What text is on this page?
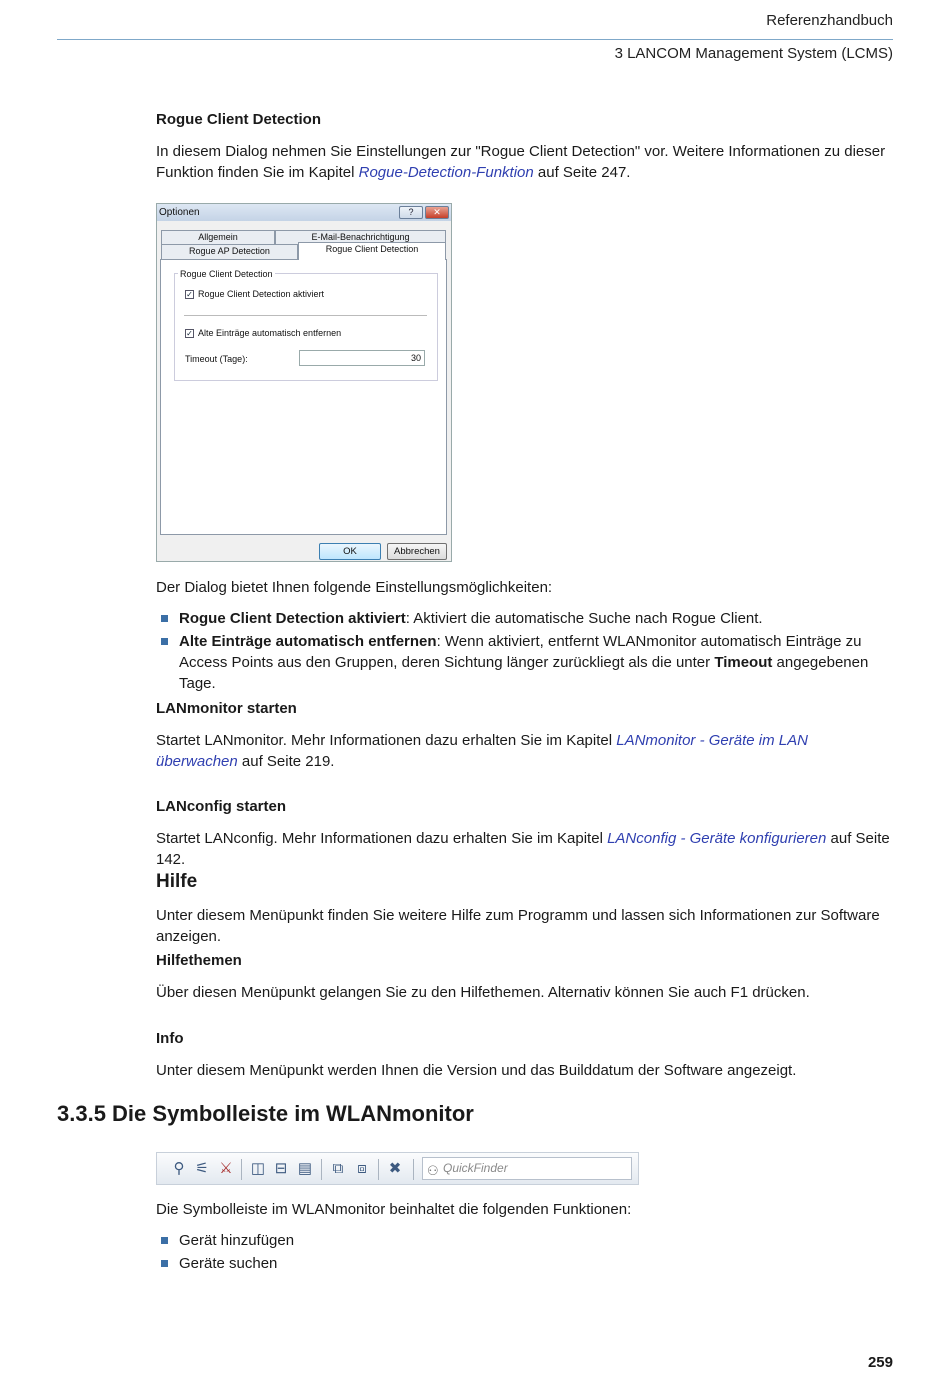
Referenzhandbuch
3 LANCOM Management System (LCMS)
Rogue Client Detection
In diesem Dialog nehmen Sie Einstellungen zur "Rogue Client Detection" vor. Weitere Informationen zu dieser Funktion finden Sie im Kapitel Rogue-Detection-Funktion auf Seite 247.
Optionen	?	✕
Allgemein	E-Mail-Benachrichtigung
Rogue AP Detection	Rogue Client Detection
Rogue Client Detection
✓ Rogue Client Detection aktiviert
✓ Alte Einträge automatisch entfernen
Timeout (Tage):	30
OK	Abbrechen
Der Dialog bietet Ihnen folgende Einstellungsmöglichkeiten:
Rogue Client Detection aktiviert: Aktiviert die automatische Suche nach Rogue Client.
Alte Einträge automatisch entfernen: Wenn aktiviert, entfernt WLANmonitor automatisch Einträge zu Access Points aus den Gruppen, deren Sichtung länger zurückliegt als die unter Timeout angegebenen Tage.
LANmonitor starten
Startet LANmonitor. Mehr Informationen dazu erhalten Sie im Kapitel LANmonitor - Geräte im LAN überwachen auf Seite 219.
LANconfig starten
Startet LANconfig. Mehr Informationen dazu erhalten Sie im Kapitel LANconfig - Geräte konfigurieren auf Seite 142.
Hilfe
Unter diesem Menüpunkt finden Sie weitere Hilfe zum Programm und lassen sich Informationen zur Software anzeigen.
Hilfethemen
Über diesen Menüpunkt gelangen Sie zu den Hilfethemen. Alternativ können Sie auch F1 drücken.
Info
Unter diesem Menüpunkt werden Ihnen die Version und das Builddatum der Software angezeigt.
3.3.5 Die Symbolleiste im WLANmonitor
⚲ ⚟ ⚔ ◫ ⊟ ▤ ⧉ ⧈ ✖ ⚇ QuickFinder
Die Symbolleiste im WLANmonitor beinhaltet die folgenden Funktionen:
Gerät hinzufügen
Geräte suchen
259
